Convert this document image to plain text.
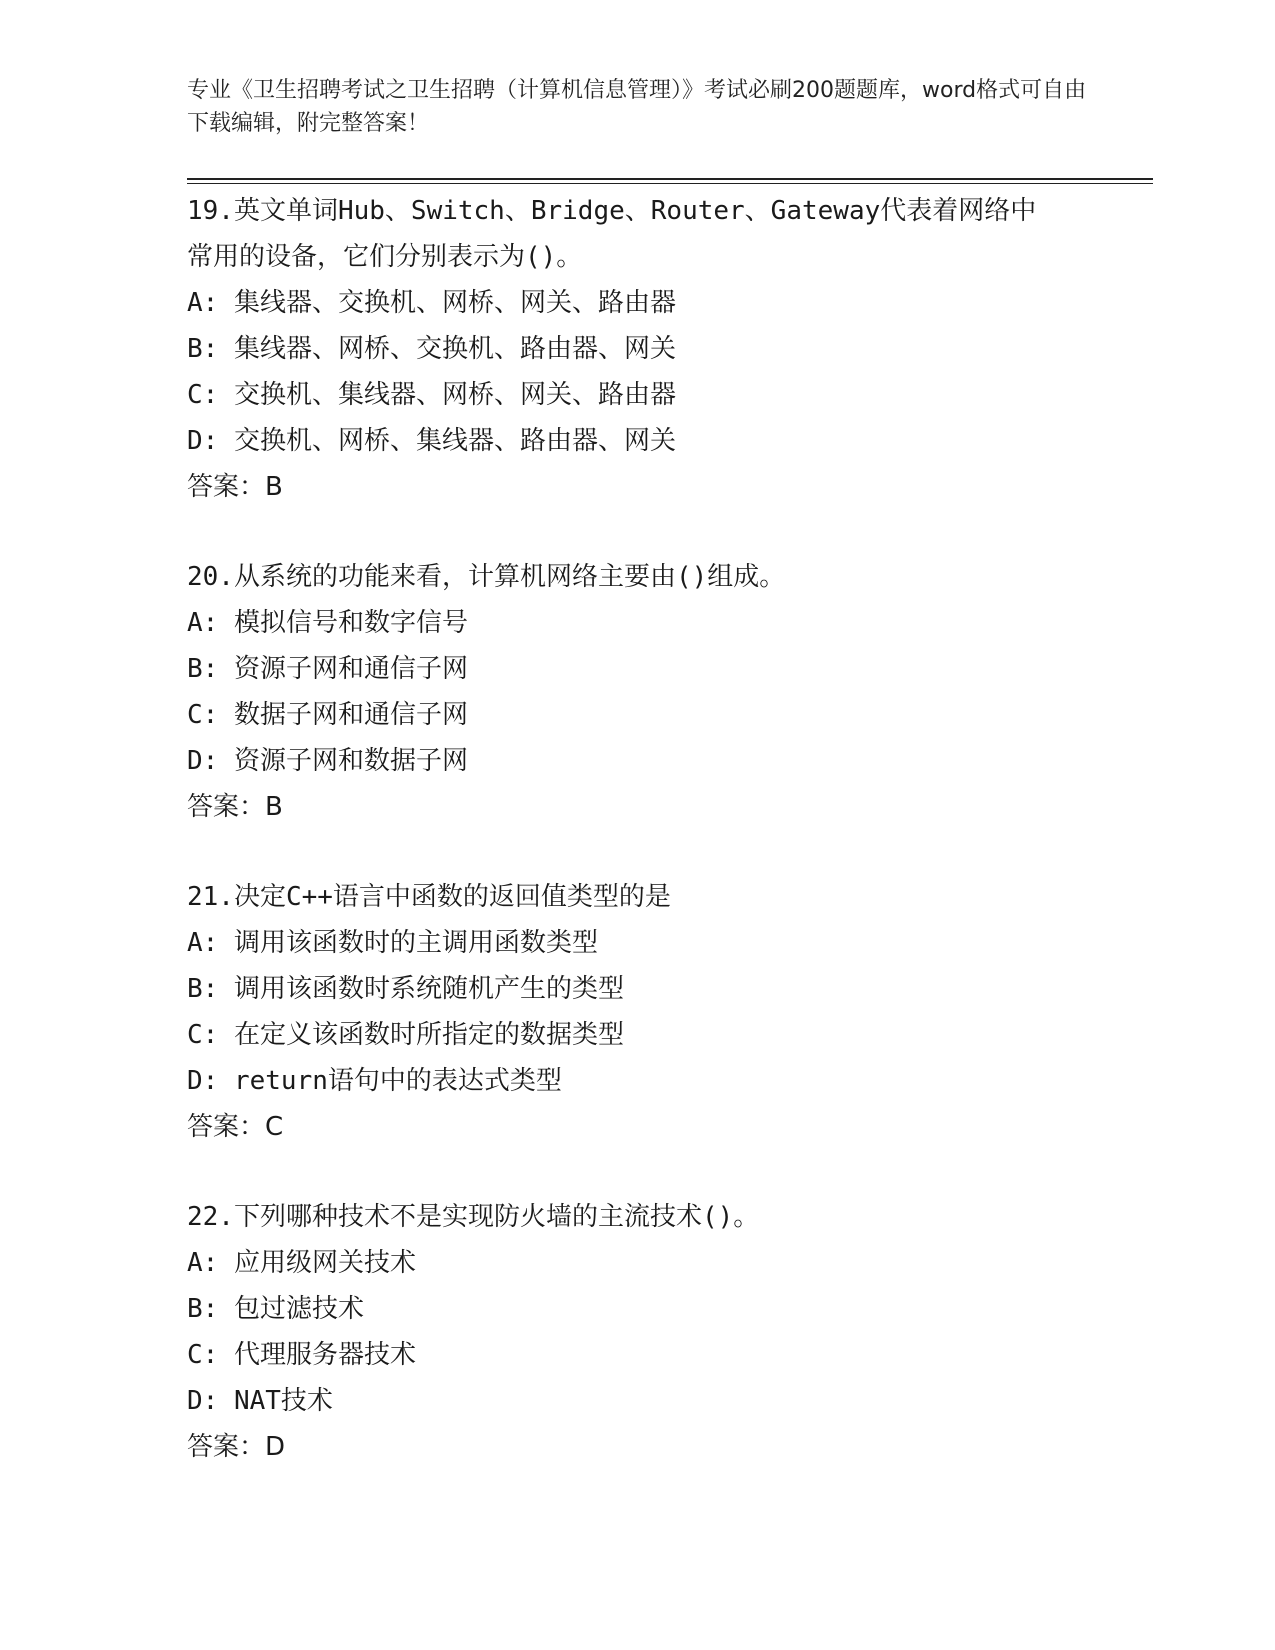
专业《卫生招聘考试之卫生招聘（计算机信息管理）》考试必刷200题题库，word格式可自由下载编辑，附完整答案！
19.英文单词Hub、Switch、Bridge、Router、Gateway代表着网络中常用的设备，它们分别表示为()。
A: 集线器、交换机、网桥、网关、路由器
B: 集线器、网桥、交换机、路由器、网关
C: 交换机、集线器、网桥、网关、路由器
D: 交换机、网桥、集线器、路由器、网关
答案：B
20.从系统的功能来看，计算机网络主要由()组成。
A: 模拟信号和数字信号
B: 资源子网和通信子网
C: 数据子网和通信子网
D: 资源子网和数据子网
答案：B
21.决定C++语言中函数的返回值类型的是
A: 调用该函数时的主调用函数类型
B: 调用该函数时系统随机产生的类型
C: 在定义该函数时所指定的数据类型
D: return语句中的表达式类型
答案：C
22.下列哪种技术不是实现防火墙的主流技术()。
A: 应用级网关技术
B: 包过滤技术
C: 代理服务器技术
D: NAT技术
答案：D
